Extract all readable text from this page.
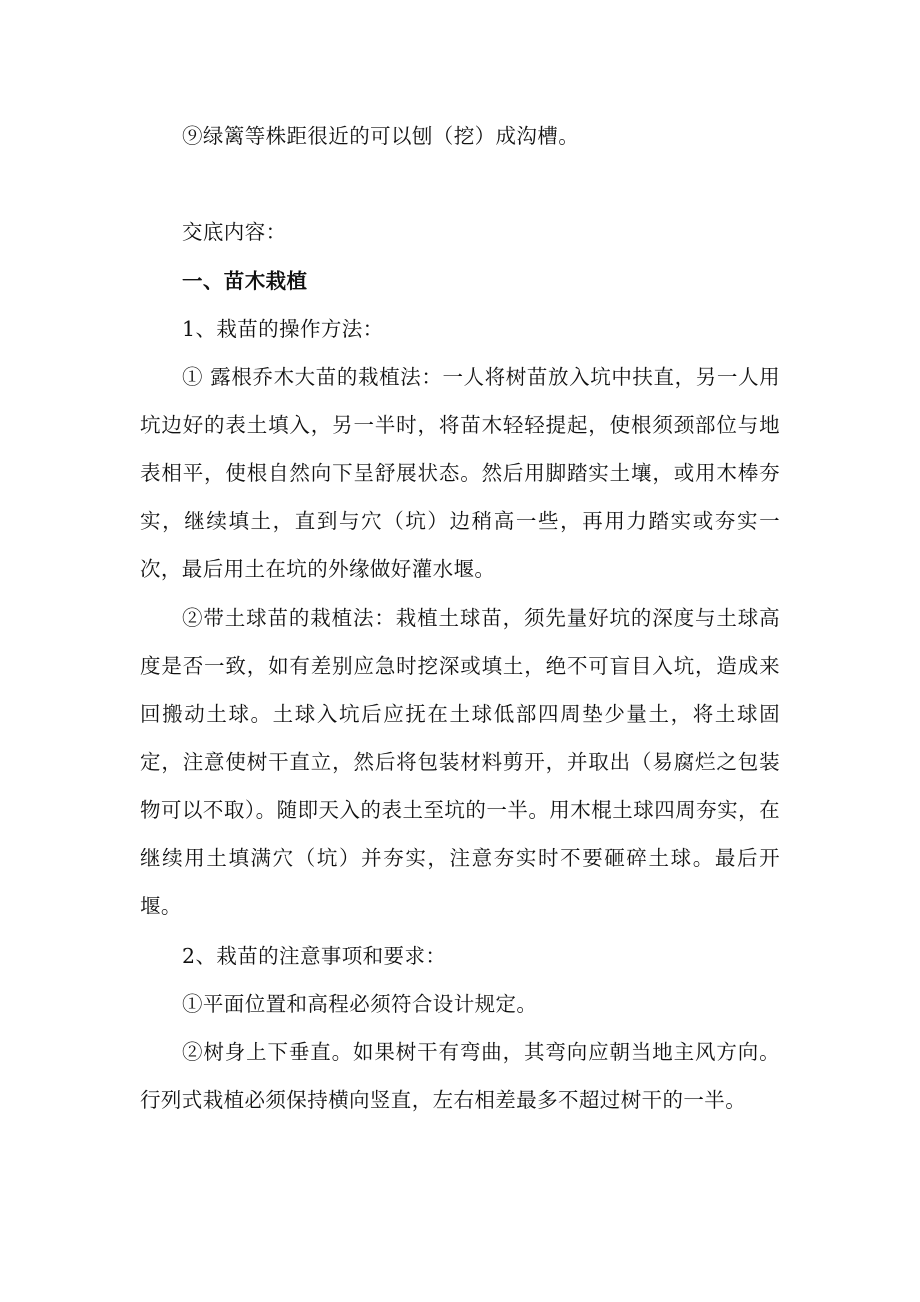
⑨绿篱等株距很近的可以刨（挖）成沟槽。

交底内容：

一、苗木栽植

1、栽苗的操作方法：

① 露根乔木大苗的栽植法：一人将树苗放入坑中扶直，另一人用坑边好的表土填入，另一半时，将苗木轻轻提起，使根须颈部位与地表相平，使根自然向下呈舒展状态。然后用脚踏实土壤，或用木棒夯实，继续填土，直到与穴（坑）边稍高一些，再用力踏实或夯实一次，最后用土在坑的外缘做好灌水堰。

②带土球苗的栽植法：栽植土球苗，须先量好坑的深度与土球高度是否一致，如有差别应急时挖深或填土，绝不可盲目入坑，造成来回搬动土球。土球入坑后应抚在土球低部四周垫少量土，将土球固定，注意使树干直立，然后将包装材料剪开，并取出（易腐烂之包装物可以不取）。随即天入的表土至坑的一半。用木棍土球四周夯实，在继续用土填满穴（坑）并夯实，注意夯实时不要砸碎土球。最后开堰。

2、栽苗的注意事项和要求：

①平面位置和高程必须符合设计规定。

②树身上下垂直。如果树干有弯曲，其弯向应朝当地主风方向。行列式栽植必须保持横向竖直，左右相差最多不超过树干的一半。
